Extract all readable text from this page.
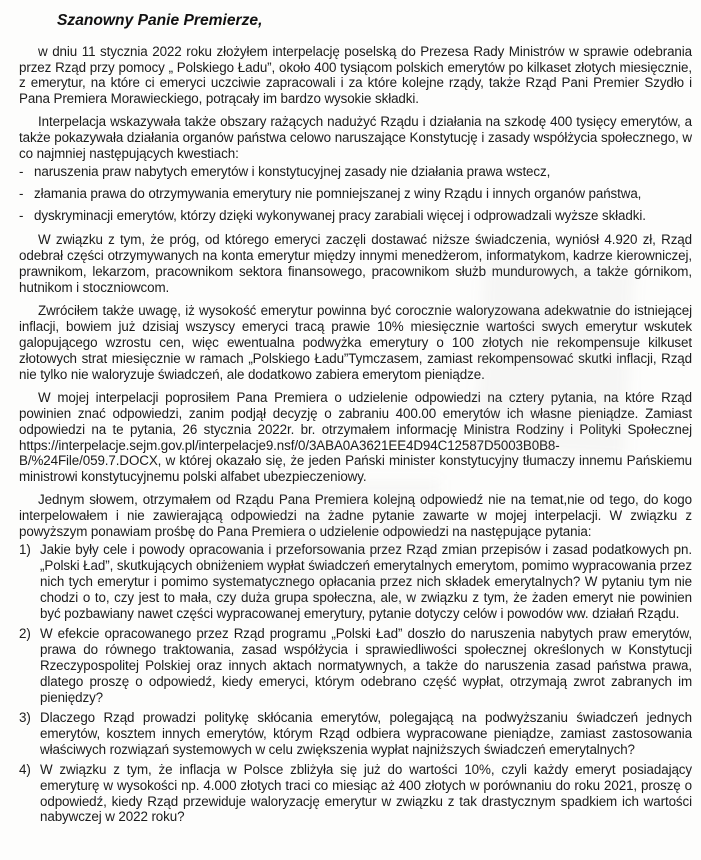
Szanowny Panie Premierze,

w dniu 11 stycznia 2022 roku złożyłem interpelację poselską do Prezesa Rady Ministrów w sprawie odebrania przez Rząd przy pomocy „ Polskiego Ładu”, około 400 tysiącom polskich emerytów po kilkaset złotych miesięcznie, z emerytur, na które ci emeryci uczciwie zapracowali i za które kolejne rządy, także Rząd Pani Premier Szydło i Pana Premiera Morawieckiego, potrącały im bardzo wysokie składki.

Interpelacja wskazywała także obszary rażących nadużyć Rządu i działania na szkodę 400 tysięcy emerytów, a także pokazywała działania organów państwa celowo naruszające Konstytucję i zasady współżycia społecznego, w co najmniej następujących kwestiach:

- naruszenia praw nabytych emerytów i konstytucyjnej zasady nie działania prawa wstecz,
- złamania prawa do otrzymywania emerytury nie pomniejszanej z winy Rządu i innych organów państwa,
- dyskryminacji emerytów, którzy dzięki wykonywanej pracy zarabiali więcej i odprowadzali wyższe składki.

W związku z tym, że próg, od którego emeryci zaczęli dostawać niższe świadczenia, wyniósł 4.920 zł, Rząd odebrał części otrzymywanych na konta emerytur między innymi menedżerom, informatykom, kadrze kierowniczej, prawnikom, lekarzom, pracownikom sektora finansowego, pracownikom służb mundurowych, a także górnikom, hutnikom i stoczniowcom.

Zwróciłem także uwagę, iż wysokość emerytur powinna być corocznie waloryzowana adekwatnie do istniejącej inflacji, bowiem już dzisiaj wszyscy emeryci tracą prawie 10% miesięcznie wartości swych emerytur wskutek galopującego wzrostu cen, więc ewentualna podwyżka emerytury o 100 złotych nie rekompensuje kilkuset złotowych strat miesięcznie w ramach „Polskiego Ładu”Tymczasem, zamiast rekompensować skutki inflacji, Rząd nie tylko nie waloryzuje świadczeń, ale dodatkowo zabiera emerytom pieniądze.

W mojej interpelacji poprosiłem Pana Premiera o udzielenie odpowiedzi na cztery pytania, na które Rząd powinien znać odpowiedzi, zanim podjął decyzję o zabraniu 400.00 emerytów ich własne pieniądze. Zamiast odpowiedzi na te pytania, 26 stycznia 2022r. br. otrzymałem informację Ministra Rodziny i Polityki Społecznej https://interpelacje.sejm.gov.pl/interpelacje9.nsf/0/3ABA0A3621EE4D94C12587D5003B0B8-B/%24File/059.7.DOCX, w której okazało się, że jeden Pański minister konstytucyjny tłumaczy innemu Pańskiemu ministrowi konstytucyjnemu polski alfabet ubezpieczeniowy.

Jednym słowem, otrzymałem od Rządu Pana Premiera kolejną odpowiedź nie na temat,nie od tego, do kogo interpelowałem i nie zawierającą odpowiedzi na żadne pytanie zawarte w mojej interpelacji. W związku z powyższym ponawiam prośbę do Pana Premiera o udzielenie odpowiedzi na następujące pytania:

1) Jakie były cele i powody opracowania i przeforsowania przez Rząd zmian przepisów i zasad podatkowych pn. „Polski Ład”, skutkujących obniżeniem wypłat świadczeń emerytalnych emerytom, pomimo wypracowania przez nich tych emerytur i pomimo systematycznego opłacania przez nich składek emerytalnych? W pytaniu tym nie chodzi o to, czy jest to mała, czy duża grupa społeczna, ale, w związku z tym, że żaden emeryt nie powinien być pozbawiany nawet części wypracowanej emerytury, pytanie dotyczy celów i powodów ww. działań Rządu.
2) W efekcie opracowanego przez Rząd programu „Polski Ład” doszło do naruszenia nabytych praw emerytów, prawa do równego traktowania, zasad współżycia i sprawiedliwości społecznej określonych w Konstytucji Rzeczypospolitej Polskiej oraz innych aktach normatywnych, a także do naruszenia zasad państwa prawa, dlatego proszę o odpowiedź, kiedy emeryci, którym odebrano część wypłat, otrzymają zwrot zabranych im pieniędzy?
3) Dlaczego Rząd prowadzi politykę skłócania emerytów, polegającą na podwyższaniu świadczeń jednych emerytów, kosztem innych emerytów, którym Rząd odbiera wypracowane pieniądze, zamiast zastosowania właściwych rozwiązań systemowych w celu zwiększenia wypłat najniższych świadczeń emerytalnych?
4) W związku z tym, że inflacja w Polsce zbliżyła się już do wartości 10%, czyli każdy emeryt posiadający emeryturę w wysokości np. 4.000 złotych traci co miesiąc aż 400 złotych w porównaniu do roku 2021, proszę o odpowiedź, kiedy Rząd przewiduje waloryzację emerytur w związku z tak drastycznym spadkiem ich wartości nabywczej w 2022 roku?
